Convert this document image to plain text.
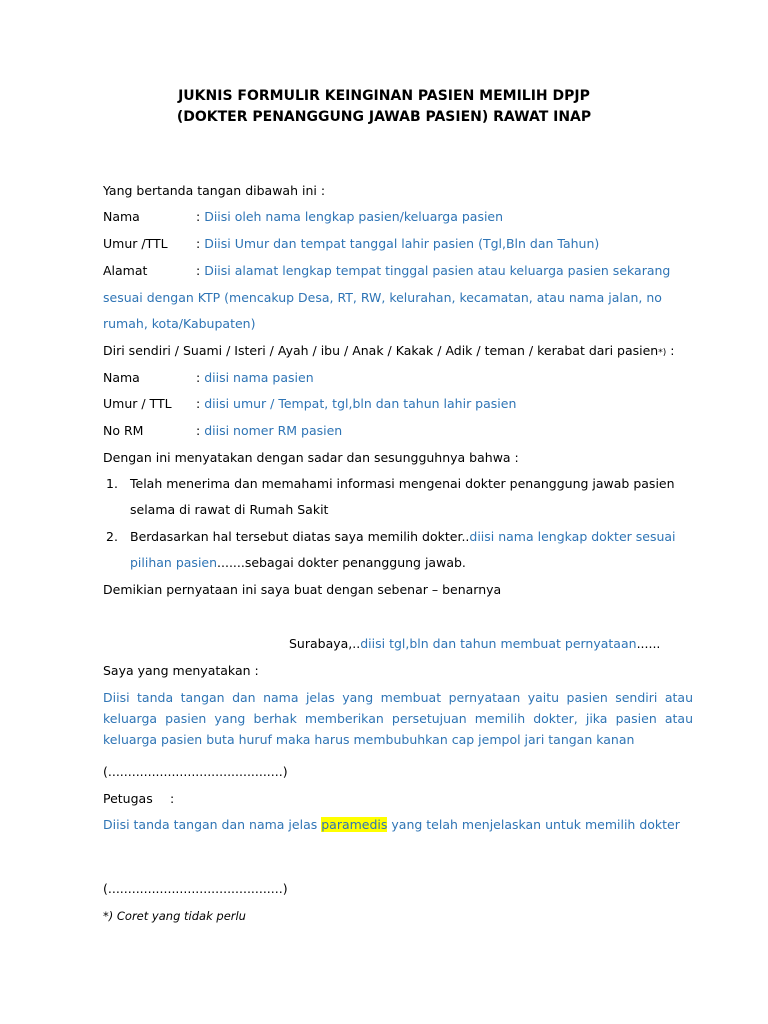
JUKNIS FORMULIR KEINGINAN PASIEN MEMILIH DPJP
(DOKTER PENANGGUNG JAWAB PASIEN) RAWAT INAP
Yang bertanda tangan dibawah ini :
Nama	: Diisi oleh nama lengkap pasien/keluarga pasien
Umur /TTL : Diisi Umur dan tempat tanggal lahir pasien (Tgl,Bln dan Tahun)
Alamat	: Diisi alamat lengkap tempat tinggal pasien atau keluarga pasien sekarang
sesuai dengan KTP (mencakup Desa, RT, RW, kelurahan, kecamatan, atau nama jalan, no
rumah, kota/Kabupaten)
Diri sendiri / Suami / Isteri / Ayah / ibu / Anak / Kakak / Adik / teman / kerabat dari pasien*) :
Nama	: diisi nama pasien
Umur / TTL : diisi umur / Tempat, tgl,bln dan tahun lahir pasien
No RM	: diisi nomer RM pasien
Dengan ini menyatakan dengan sadar dan sesungguhnya bahwa :
1. Telah menerima dan memahami informasi mengenai dokter penanggung jawab pasien
selama di rawat di Rumah Sakit
2. Berdasarkan hal tersebut diatas saya memilih dokter..diisi nama lengkap dokter sesuai
pilihan pasien.......sebagai dokter penanggung jawab.
Demikian pernyataan ini saya buat dengan sebenar – benarnya
Surabaya,..diisi tgl,bln dan tahun membuat pernyataan......
Saya yang menyatakan :
Diisi tanda tangan dan nama jelas yang membuat pernyataan yaitu pasien sendiri atau
keluarga pasien yang berhak memberikan persetujuan memilih dokter, jika pasien atau
keluarga pasien buta huruf maka harus membubuhkan cap jempol jari tangan kanan
(............................................)
Petugas :
Diisi tanda tangan dan nama jelas paramedis yang telah menjelaskan untuk memilih dokter
(............................................)
*) Coret yang tidak perlu
